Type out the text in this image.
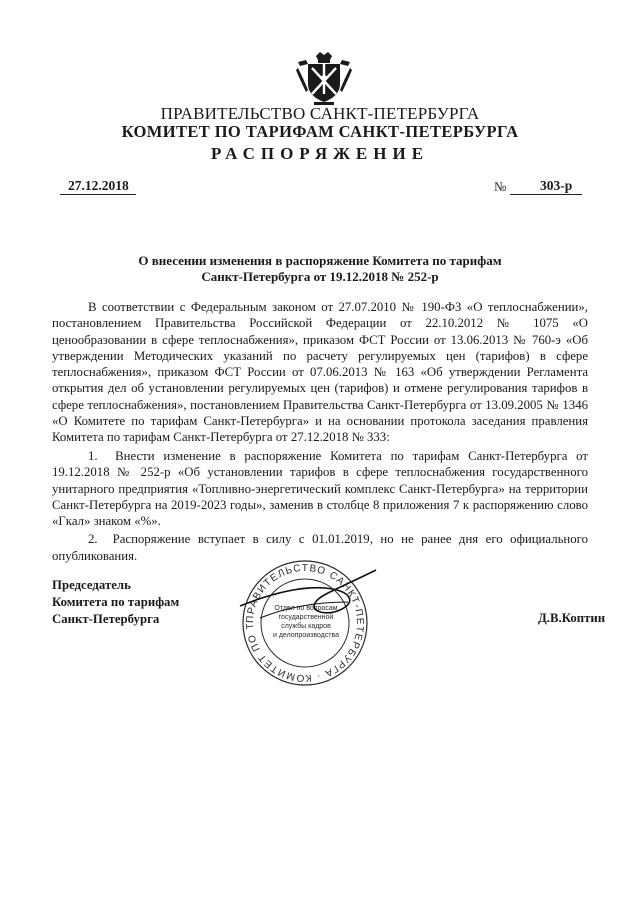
ПРАВИТЕЛЬСТВО САНКТ-ПЕТЕРБУРГА
КОМИТЕТ ПО ТАРИФАМ САНКТ-ПЕТЕРБУРГА
РАСПОРЯЖЕНИЕ
27.12.2018	№ 303-р
О внесении изменения в распоряжение Комитета по тарифам
Санкт-Петербурга от 19.12.2018 № 252-р

В соответствии с Федеральным законом от 27.07.2010 № 190-ФЗ «О теплоснабжении», постановлением Правительства Российской Федерации от 22.10.2012 № 1075 «О ценообразовании в сфере теплоснабжения», приказом ФСТ России от 13.06.2013 № 760-э «Об утверждении Методических указаний по расчету регулируемых цен (тарифов) в сфере теплоснабжения», приказом ФСТ России от 07.06.2013 № 163 «Об утверждении Регламента открытия дел об установлении регулируемых цен (тарифов) и отмене регулирования тарифов в сфере теплоснабжения», постановлением Правительства Санкт-Петербурга от 13.09.2005 № 1346 «О Комитете по тарифам Санкт-Петербурга» и на основании протокола заседания правления Комитета по тарифам Санкт-Петербурга от 27.12.2018 № 333:

1.  Внести изменение в распоряжение Комитета по тарифам Санкт-Петербурга от 19.12.2018 № 252-р «Об установлении тарифов в сфере теплоснабжения государственного унитарного предприятия «Топливно-энергетический комплекс Санкт-Петербурга» на территории Санкт-Петербурга на 2019-2023 годы», заменив в столбце 8 приложения 7 к распоряжению слово «Гкал» знаком «%».

2.  Распоряжение вступает в силу с 01.01.2019, но не ранее дня его официального опубликования.

ПРАВИТЕЛЬСТВО САНКТ-ПЕТЕРБУРГА · КОМИТЕТ ПО Т
Отдел по вопросам
государственной
службы кадров
и делопроизводства
Председатель
Комитета по тарифам
Санкт-Петербурга	Д.В.Коптин
